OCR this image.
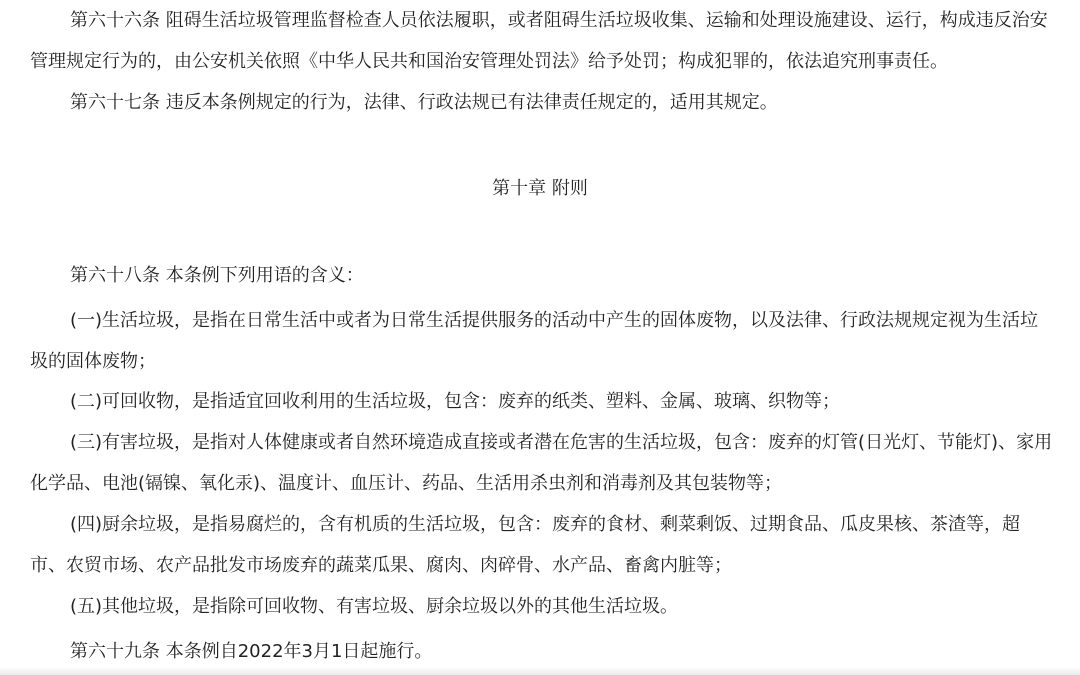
第六十六条 阻碍生活垃圾管理监督检查人员依法履职，或者阻碍生活垃圾收集、运输和处理设施建设、运行，构成违反治安管理规定行为的，由公安机关依照《中华人民共和国治安管理处罚法》给予处罚；构成犯罪的，依法追究刑事责任。

第六十七条 违反本条例规定的行为，法律、行政法规已有法律责任规定的，适用其规定。

第十章 附则

第六十八条 本条例下列用语的含义：

(一)生活垃圾，是指在日常生活中或者为日常生活提供服务的活动中产生的固体废物，以及法律、行政法规规定视为生活垃圾的固体废物；

(二)可回收物，是指适宜回收利用的生活垃圾，包含：废弃的纸类、塑料、金属、玻璃、织物等；

(三)有害垃圾，是指对人体健康或者自然环境造成直接或者潜在危害的生活垃圾，包含：废弃的灯管(日光灯、节能灯)、家用化学品、电池(镉镍、氧化汞)、温度计、血压计、药品、生活用杀虫剂和消毒剂及其包装物等；

(四)厨余垃圾，是指易腐烂的，含有机质的生活垃圾，包含：废弃的食材、剩菜剩饭、过期食品、瓜皮果核、茶渣等，超市、农贸市场、农产品批发市场废弃的蔬菜瓜果、腐肉、肉碎骨、水产品、畜禽内脏等；

(五)其他垃圾，是指除可回收物、有害垃圾、厨余垃圾以外的其他生活垃圾。

第六十九条 本条例自2022年3月1日起施行。
